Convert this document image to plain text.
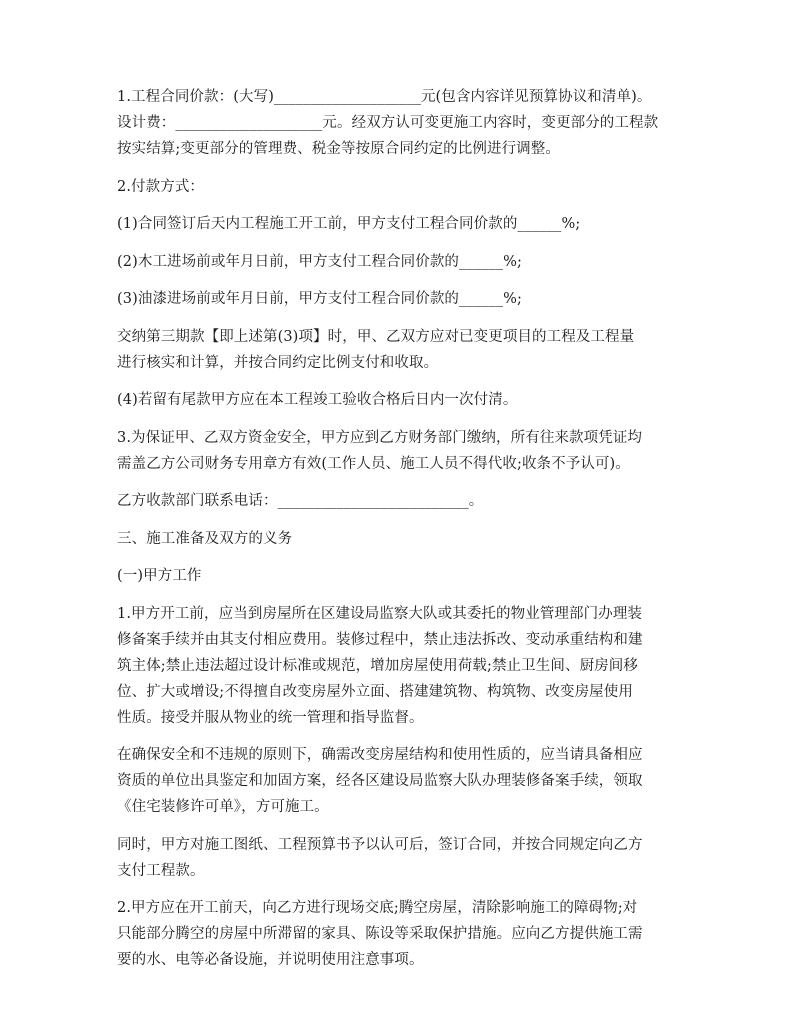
1.工程合同价款：(大写)____________________元(包含内容详见预算协议和清单)。
设计费：____________________元。经双方认可变更施工内容时，变更部分的工程款
按实结算;变更部分的管理费、税金等按原合同约定的比例进行调整。

2.付款方式：

(1)合同签订后天内工程施工开工前，甲方支付工程合同价款的______%;

(2)木工进场前或年月日前，甲方支付工程合同价款的______%;

(3)油漆进场前或年月日前，甲方支付工程合同价款的______%;

交纳第三期款【即上述第(3)项】时，甲、乙双方应对已变更项目的工程及工程量
进行核实和计算，并按合同约定比例支付和收取。

(4)若留有尾款甲方应在本工程竣工验收合格后日内一次付清。

3.为保证甲、乙双方资金安全，甲方应到乙方财务部门缴纳，所有往来款项凭证均
需盖乙方公司财务专用章方有效(工作人员、施工人员不得代收;收条不予认可)。

乙方收款部门联系电话：__________________________。

三、施工准备及双方的义务

(一)甲方工作

1.甲方开工前，应当到房屋所在区建设局监察大队或其委托的物业管理部门办理装
修备案手续并由其支付相应费用。装修过程中，禁止违法拆改、变动承重结构和建
筑主体;禁止违法超过设计标准或规范，增加房屋使用荷载;禁止卫生间、厨房间移
位、扩大或增设;不得擅自改变房屋外立面、搭建建筑物、构筑物、改变房屋使用
性质。接受并服从物业的统一管理和指导监督。

在确保安全和不违规的原则下，确需改变房屋结构和使用性质的，应当请具备相应
资质的单位出具鉴定和加固方案，经各区建设局监察大队办理装修备案手续，领取
《住宅装修许可单》，方可施工。

同时，甲方对施工图纸、工程预算书予以认可后，签订合同，并按合同规定向乙方
支付工程款。

2.甲方应在开工前天，向乙方进行现场交底;腾空房屋，清除影响施工的障碍物;对
只能部分腾空的房屋中所滞留的家具、陈设等采取保护措施。应向乙方提供施工需
要的水、电等必备设施，并说明使用注意事项。
